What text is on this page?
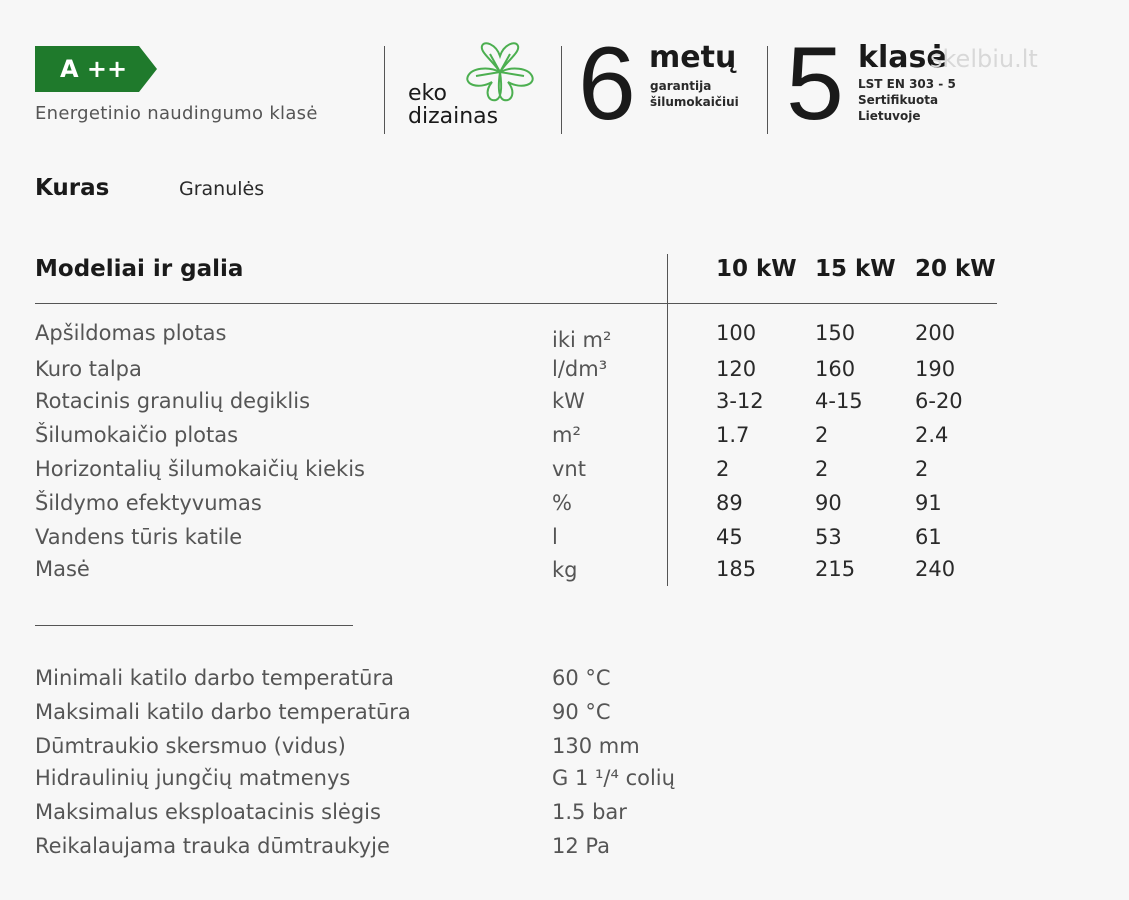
A ++
Energetinio naudingumo klasė
eko
dizainas 6 metų
garantija
šilumokaičiui 5 klasė
LST EN 303 - 5
Sertifikuota
Lietuvoje
skelbiu.lt
Kuras	Granulės
Modeliai ir galia	10 kW 15 kW 20 kW
Apšildomas plotas	iki m²	100	150	200
Kuro talpa	l/dm³	120	160	190
Rotacinis granulių degiklis	kW	3-12 4-15 6-20
Šilumokaičio plotas	m²	1.7	2	2.4
Horizontalių šilumokaičių kiekis	vnt	2	2	2
Šildymo efektyvumas	%	89	90	91
Vandens tūris katile	l	45	53	61
Masė	kg	185	215	240
Minimali katilo darbo temperatūra	60 °C
Maksimali katilo darbo temperatūra	90 °C
Dūmtraukio skersmuo (vidus)	130 mm
Hidraulinių jungčių matmenys	G 1 ¹/⁴ colių
Maksimalus eksploatacinis slėgis	1.5 bar
Reikalaujama trauka dūmtraukyje	12 Pa
